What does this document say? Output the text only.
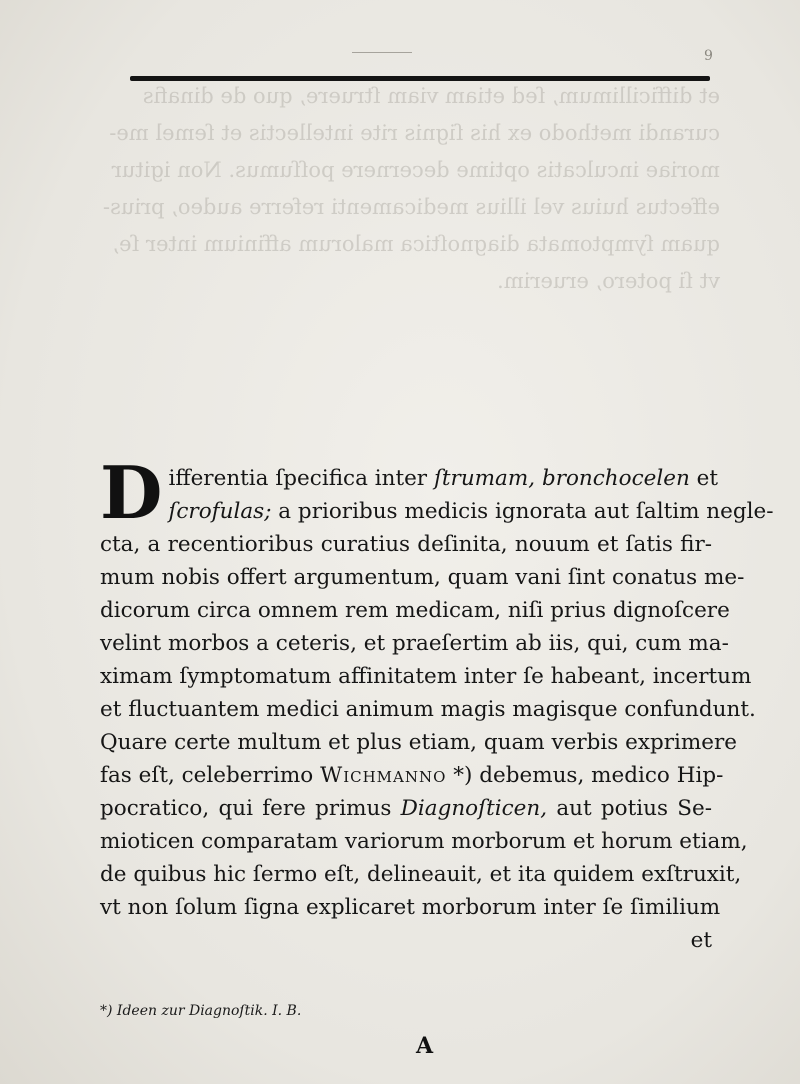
9
et difficillimum, ſed etiam viam ſtruere, quo de dinafis
curandi methodo ex his ſignis rite intellectis et ſemel me-
moriae inculcatis optime decernere poſſumus. Non igitur
effectus huius vel illius medicamenti referre audeo, prius-
quam ſymptomata diagnoſtica malorum affinium inter ſe,
vt ſi potero, eruerim.
D ifferentia ſpecifica inter ſtrumam, bronchocelen et
ſcrofulas; a prioribus medicis ignorata aut ſaltim negle-
cta, a recentioribus curatius deſinita, nouum et ſatis fir-
mum nobis offert argumentum, quam vani ſint conatus me-
dicorum circa omnem rem medicam, niſi prius dignoſcere
velint morbos a ceteris, et praeſertim ab iis, qui, cum ma-
ximam ſymptomatum affinitatem inter ſe habeant, incertum
et fluctuantem medici animum magis magisque confundunt.
Quare certe multum et plus etiam, quam verbis exprimere
fas eſt, celeberrimo Wichmanno *) debemus, medico Hip-
pocratico, qui fere primus Diagnoſticen, aut potius Se-
mioticen comparatam variorum morborum et horum etiam,
de quibus hic ſermo eſt, delineauit, et ita quidem exſtruxit,
vt non ſolum ſigna explicaret morborum inter ſe ſimilium
et
*) Ideen zur Diagnoſtik. I. B.
A
